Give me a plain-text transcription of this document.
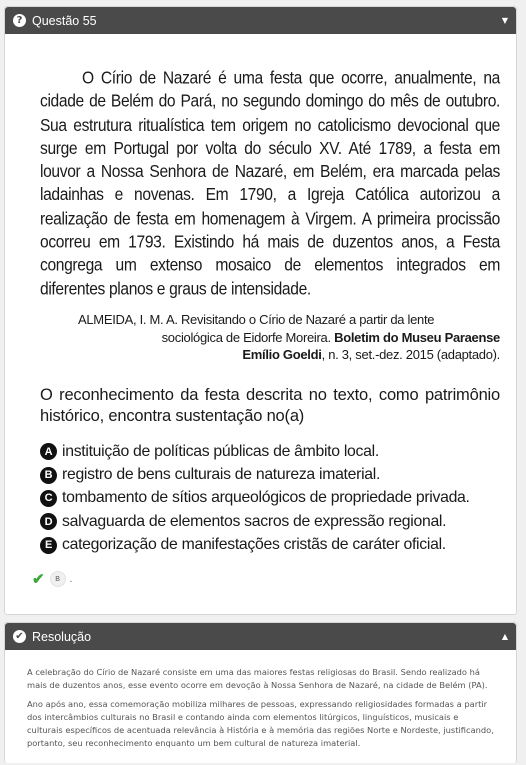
? Questão 55	▼
O Círio de Nazaré é uma festa que ocorre, anualmente, na cidade de Belém do Pará, no segundo domingo do mês de outubro. Sua estrutura ritualística tem origem no catolicismo devocional que surge em Portugal por volta do século XV. Até 1789, a festa em louvor a Nossa Senhora de Nazaré, em Belém, era marcada pelas ladainhas e novenas. Em 1790, a Igreja Católica autorizou a realização de festa em homenagem à Virgem. A primeira procissão ocorreu em 1793. Existindo há mais de duzentos anos, a Festa congrega um extenso mosaico de elementos integrados em diferentes planos e graus de intensidade.
ALMEIDA, I. M. A. Revisitando o Círio de Nazaré a partir da lente
sociológica de Eidorfe Moreira. Boletim do Museu Paraense
Emílio Goeldi, n. 3, set.-dez. 2015 (adaptado).
O reconhecimento da festa descrita no texto, como patrimônio histórico, encontra sustentação no(a)
A instituição de políticas públicas de âmbito local.
B registro de bens culturais de natureza imaterial.
C tombamento de sítios arqueológicos de propriedade privada.
D salvaguarda de elementos sacros de expressão regional.
E categorização de manifestações cristãs de caráter oficial.
✔	B .
✔ Resolução	▲

A celebração do Círio de Nazaré consiste em uma das maiores festas religiosas do Brasil. Sendo realizado há mais de duzentos anos, esse evento ocorre em devoção à Nossa Senhora de Nazaré, na cidade de Belém (PA).

Ano após ano, essa comemoração mobiliza milhares de pessoas, expressando religiosidades formadas a partir dos intercâmbios culturais no Brasil e contando ainda com elementos litúrgicos, linguísticos, musicais e culturais específicos de acentuada relevância à História e à memória das regiões Norte e Nordeste, justificando, portanto, seu reconhecimento enquanto um bem cultural de natureza imaterial.
